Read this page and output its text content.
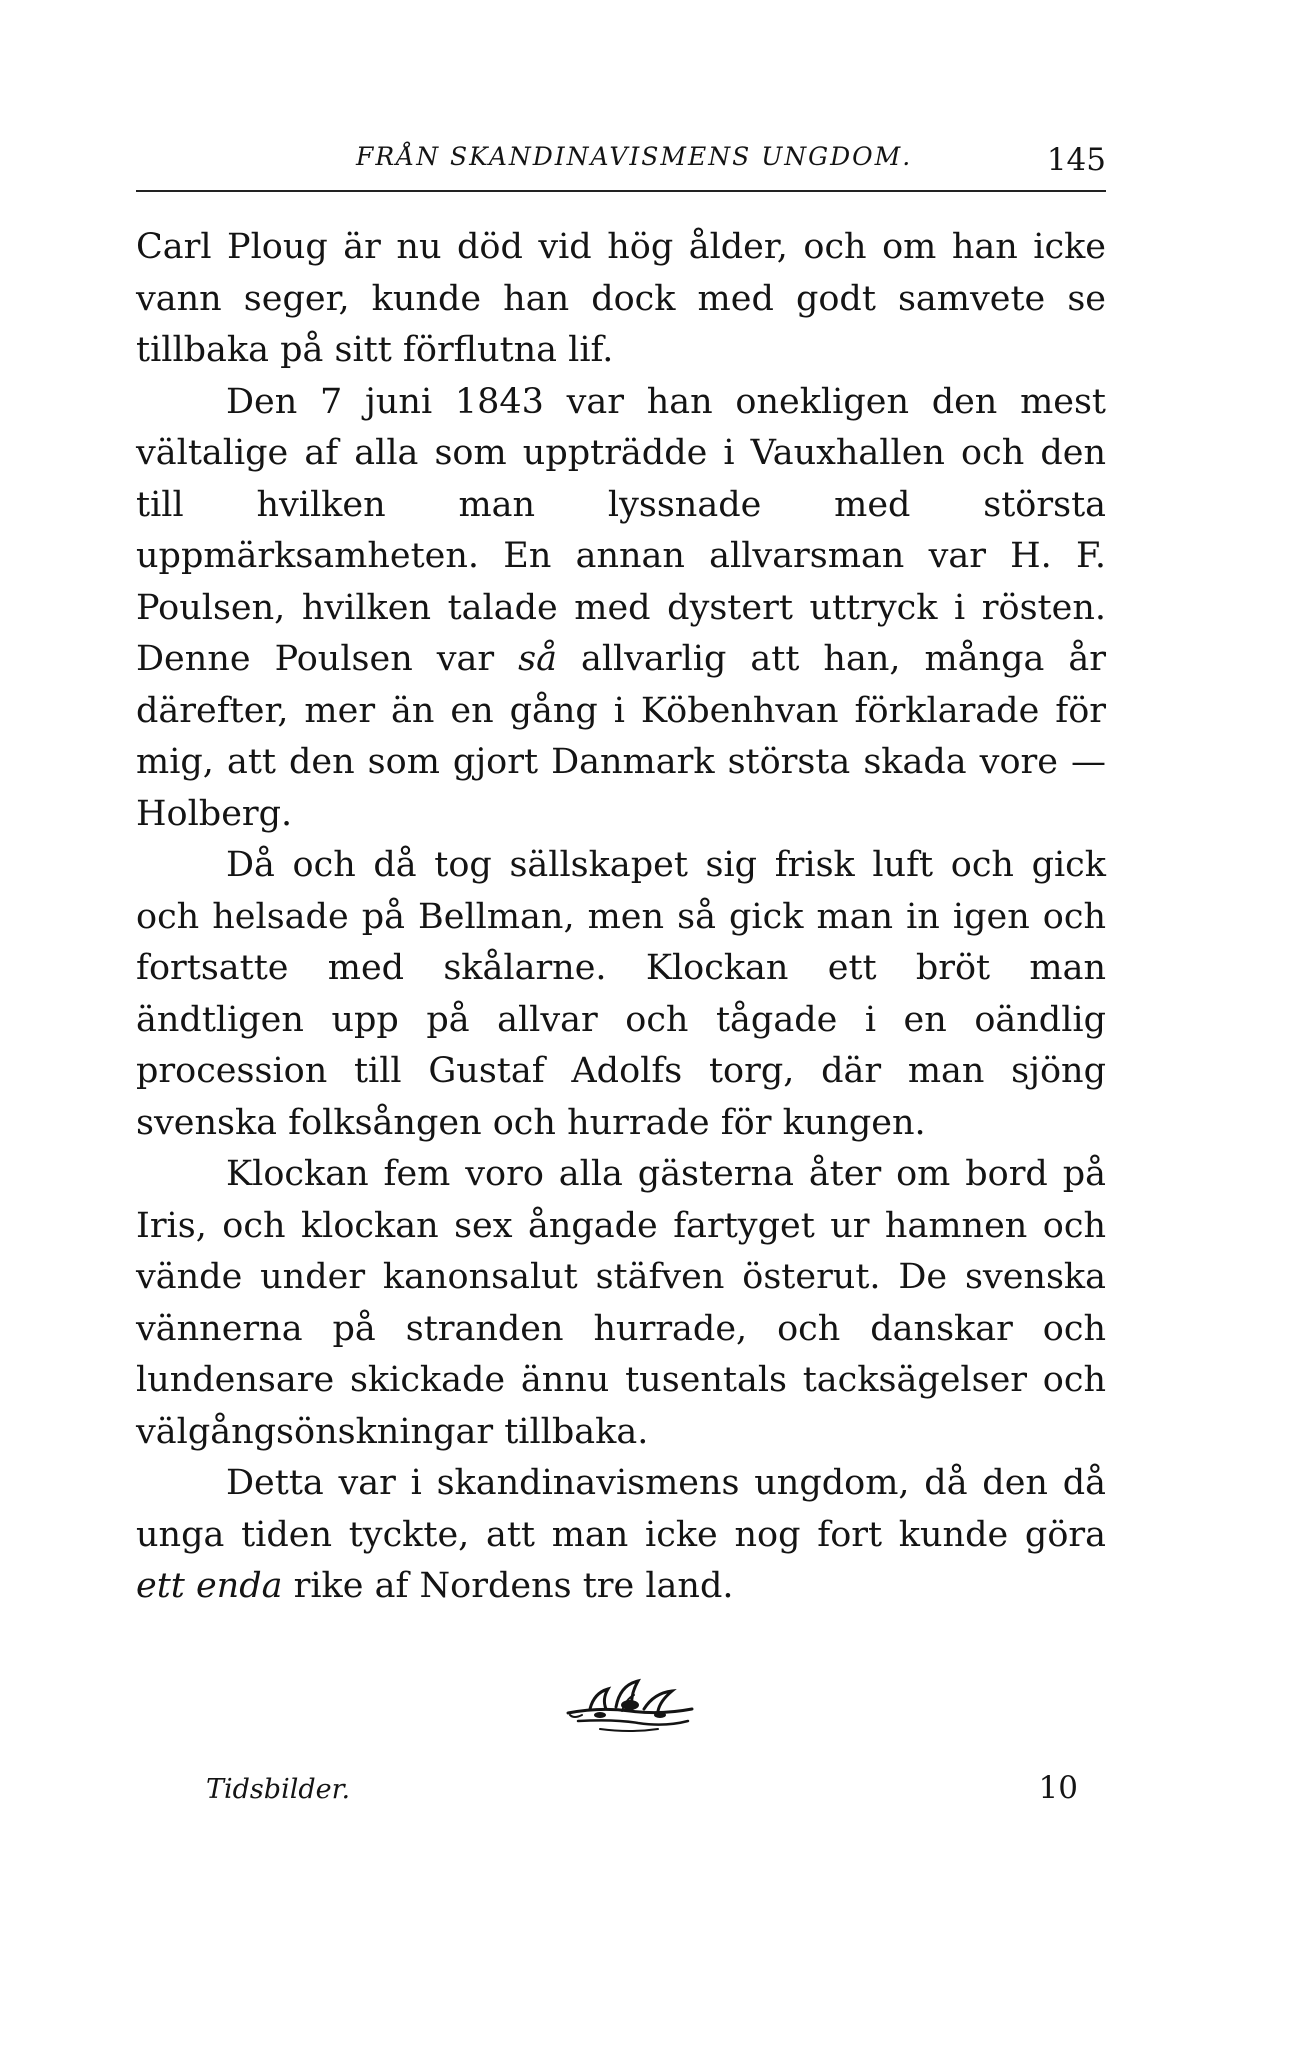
FRÅN SKANDINAVISMENS UNGDOM.	145

Carl Ploug är nu död vid hög ålder, och om han icke vann seger, kunde han dock med godt samvete se tillbaka på sitt förflutna lif.

Den 7 juni 1843 var han onekligen den mest vältalige af alla som uppträdde i Vauxhallen och den till hvilken man lyssnade med största uppmärksamheten. En annan allvarsman var H. F. Poulsen, hvilken talade med dystert uttryck i rösten. Denne Poulsen var så allvarlig att han, många år därefter, mer än en gång i Köbenhvan förklarade för mig, att den som gjort Danmark största skada vore — Holberg.

Då och då tog sällskapet sig frisk luft och gick och helsade på Bellman, men så gick man in igen och fortsatte med skålarne. Klockan ett bröt man ändtligen upp på allvar och tågade i en oändlig procession till Gustaf Adolfs torg, där man sjöng svenska folksången och hurrade för kungen.

Klockan fem voro alla gästerna åter om bord på Iris, och klockan sex ångade fartyget ur hamnen och vände under kanonsalut stäfven österut. De svenska vännerna på stranden hurrade, och danskar och lundensare skickade ännu tusentals tacksägelser och välgångsönskningar tillbaka.

Detta var i skandinavismens ungdom, då den då unga tiden tyckte, att man icke nog fort kunde göra ett enda rike af Nordens tre land.

Tidsbilder.	10
